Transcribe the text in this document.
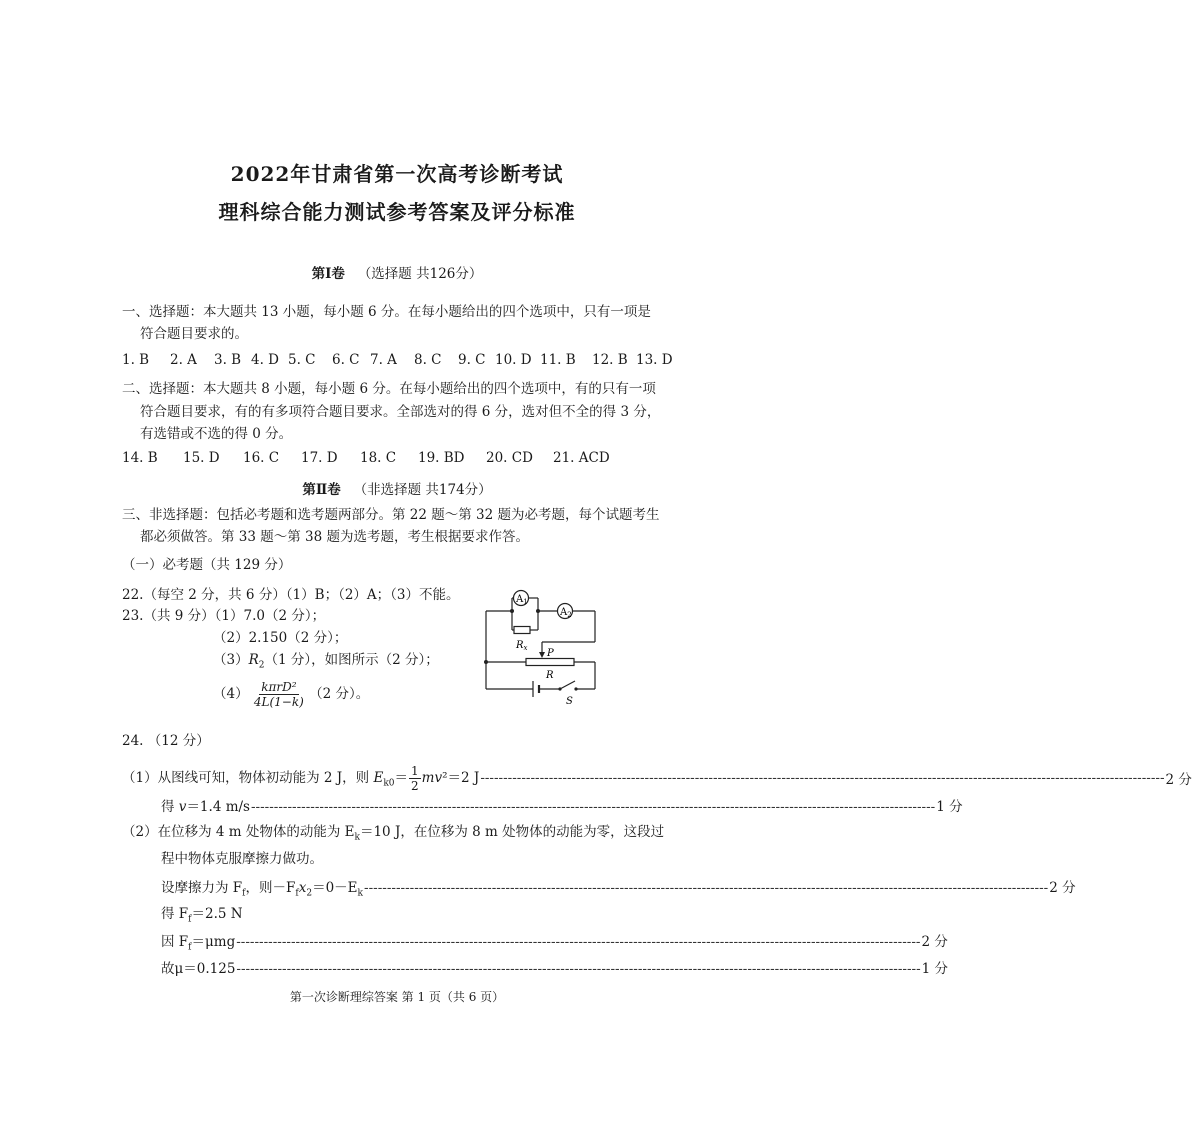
2022年甘肃省第一次高考诊断考试
理科综合能力测试参考答案及评分标准
第Ⅰ卷 （选择题 共126分）
一、选择题：本大题共 13 小题，每小题 6 分。在每小题给出的四个选项中，只有一项是
符合题目要求的。
1. B 2. A 3. B 4. D 5. C 6. C 7. A 8. C 9. C 10. D 11. B 12. B 13. D
二、选择题：本大题共 8 小题，每小题 6 分。在每小题给出的四个选项中，有的只有一项
符合题目要求，有的有多项符合题目要求。全部选对的得 6 分，选对但不全的得 3 分，
有选错或不选的得 0 分。
14. B 15. D 16. C 17. D 18. C 19. BD 20. CD 21. ACD
第Ⅱ卷 （非选择题 共174分）
三、非选择题：包括必考题和选考题两部分。第 22 题～第 32 题为必考题，每个试题考生
都必须做答。第 33 题～第 38 题为选考题，考生根据要求作答。
（一）必考题（共 129 分）
22.（每空 2 分，共 6 分）（1）B；（2）A；（3）不能。
23.（共 9 分）（1）7.0（2 分）；
（2）2.150（2 分）；
$(3)R_2(1$ 分），如图所示（2 分）；
$(4) \frac{\text{kπrD²}}{4L(1-k)} (2$ 分）。
$A_1$
$A_2$
$R_x$ P
R
S
24. （12 分）
（1）从图线可知，物体初动能为 2 J，则 $E_{k0}= \frac{1}{2} mv^2=2$ J ------------------------------------------------------------------------------------------------------------------------------------------------------ 2 分
得 v＝1.4 m/s ------------------------------------------------------------------------------------------------------------------------------------------------------ 1 分
（2）在位移为 4 m 处物体的动能为 $E_k=10$ J，在位移为 8 m 处物体的动能为零，这段过
程中物体克服摩擦力做功。
设摩擦力为 $F_f$，则$-F_fx_2=0-E_k$ ------------------------------------------------------------------------------------------------------------------------------------------------------ 2 分
得 $F_f=2.5$ N
因 $F_f=\mu mg$ ------------------------------------------------------------------------------------------------------------------------------------------------------ 2 分
故μ＝0.125 ------------------------------------------------------------------------------------------------------------------------------------------------------ 1 分
第一次诊断理综答案 第 1 页（共 6 页）
